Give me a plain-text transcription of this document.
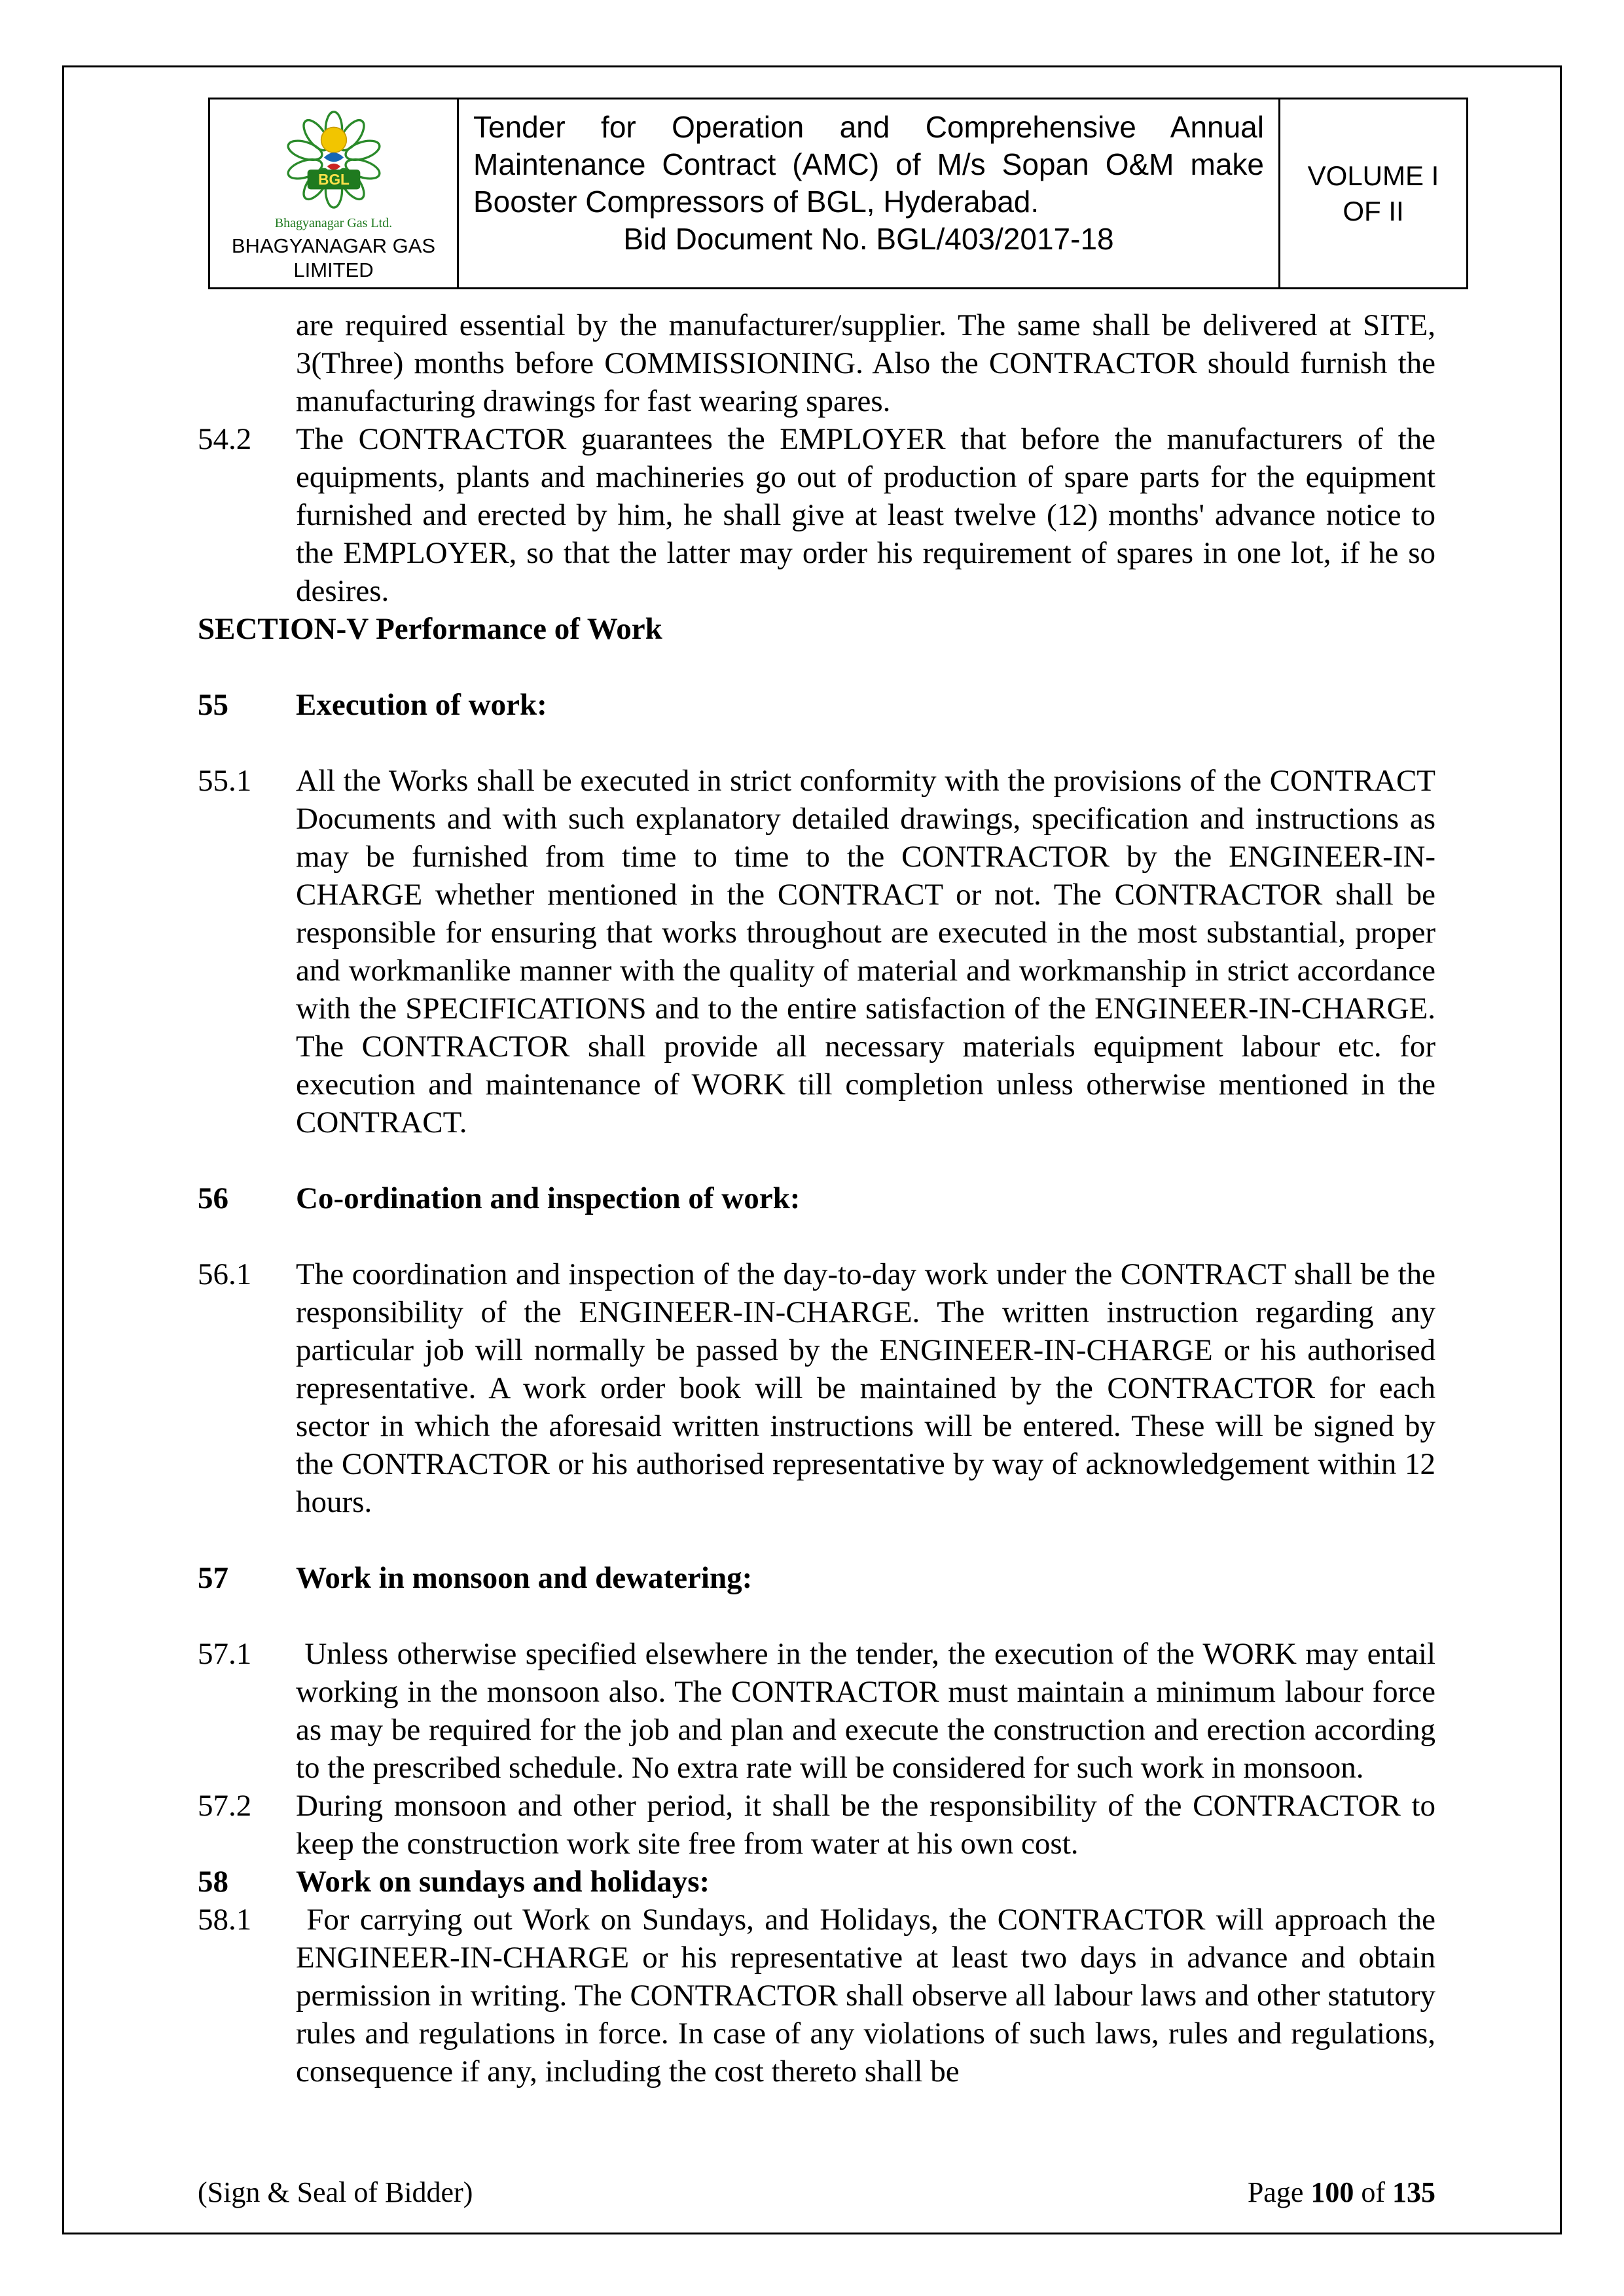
BGL
Bhagyanagar Gas Ltd.
BHAGYANAGAR GAS
LIMITED
Tender for Operation and Comprehensive Annual Maintenance Contract (AMC) of M/s Sopan O&M make Booster Compressors of BGL, Hyderabad.
Bid Document No. BGL/403/2017-18
VOLUME I
OF II
are required essential by the manufacturer/supplier. The same shall be delivered at SITE, 3(Three) months before COMMISSIONING. Also the CONTRACTOR should furnish the manufacturing drawings for fast wearing spares.
54.2	The CONTRACTOR guarantees the EMPLOYER that before the manufacturers of the equipments, plants and machineries go out of production of spare parts for the equipment furnished and erected by him, he shall give at least twelve (12) months' advance notice to the EMPLOYER, so that the latter may order his requirement of spares in one lot, if he so desires.
SECTION-V Performance of Work
55	Execution of work:
55.1	All the Works shall be executed in strict conformity with the provisions of the CONTRACT Documents and with such explanatory detailed drawings, specification and instructions as may be furnished from time to time to the CONTRACTOR by the ENGINEER-IN-CHARGE whether mentioned in the CONTRACT or not. The CONTRACTOR shall be responsible for ensuring that works throughout are executed in the most substantial, proper and workmanlike manner with the quality of material and workmanship in strict accordance with the SPECIFICATIONS and to the entire satisfaction of the ENGINEER-IN-CHARGE. The CONTRACTOR shall provide all necessary materials equipment labour etc. for execution and maintenance of WORK till completion unless otherwise mentioned in the CONTRACT.
56	Co-ordination and inspection of work:
56.1	The coordination and inspection of the day-to-day work under the CONTRACT shall be the responsibility of the ENGINEER-IN-CHARGE. The written instruction regarding any particular job will normally be passed by the ENGINEER-IN-CHARGE or his authorised representative. A work order book will be maintained by the CONTRACTOR for each sector in which the aforesaid written instructions will be entered. These will be signed by the CONTRACTOR or his authorised representative by way of acknowledgement within 12 hours.
57	Work in monsoon and dewatering:
57.1	Unless otherwise specified elsewhere in the tender, the execution of the WORK may entail working in the monsoon also. The CONTRACTOR must maintain a minimum labour force as may be required for the job and plan and execute the construction and erection according to the prescribed schedule. No extra rate will be considered for such work in monsoon.
57.2	During monsoon and other period, it shall be the responsibility of the CONTRACTOR to keep the construction work site free from water at his own cost.
58	Work on sundays and holidays:
58.1	For carrying out Work on Sundays, and Holidays, the CONTRACTOR will approach the ENGINEER-IN-CHARGE or his representative at least two days in advance and obtain permission in writing. The CONTRACTOR shall observe all labour laws and other statutory rules and regulations in force. In case of any violations of such laws, rules and regulations, consequence if any, including the cost thereto shall be
(Sign & Seal of Bidder)	Page 100 of 135
